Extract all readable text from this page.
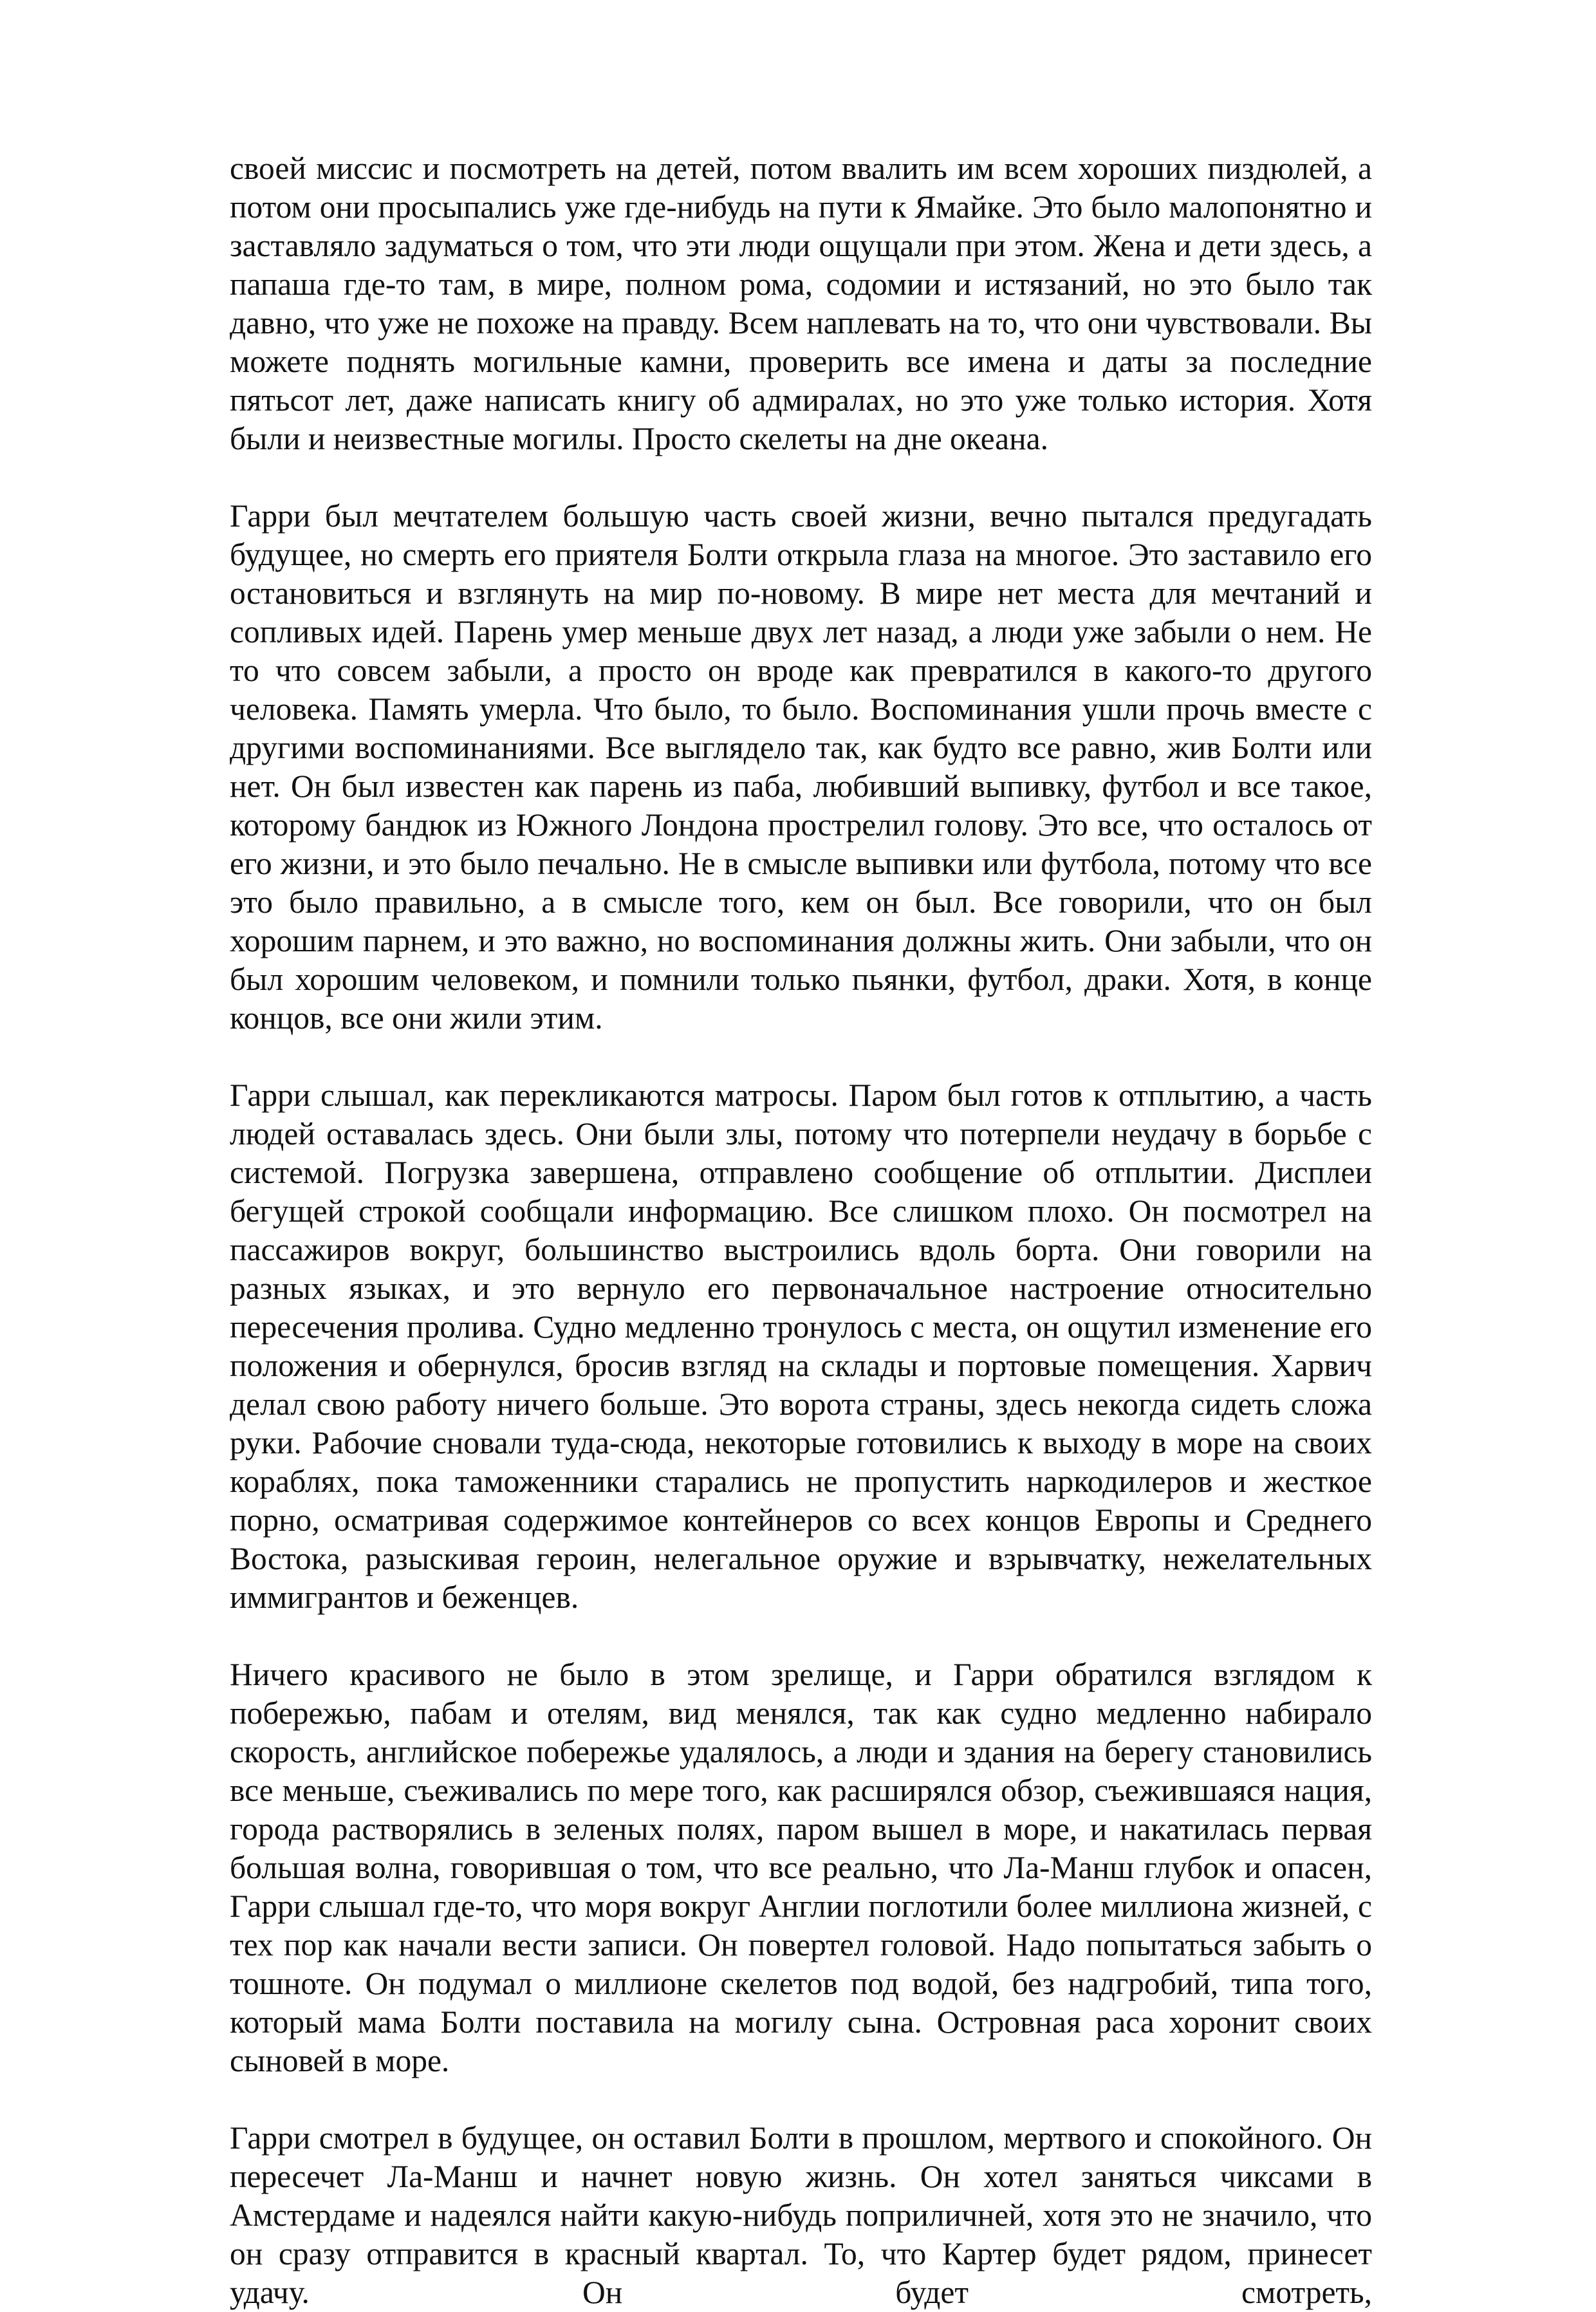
своей миссис и посмотреть на детей, потом ввалить им всем хороших пиздюлей, а потом они просыпались уже где-нибудь на пути к Ямайке. Это было малопонятно и заставляло задуматься о том, что эти люди ощущали при этом. Жена и дети здесь, а папаша где-то там, в мире, полном рома, содомии и истязаний, но это было так давно, что уже не похоже на правду. Всем наплевать на то, что они чувствовали. Вы можете поднять могильные камни, проверить все имена и даты за последние пятьсот лет, даже написать книгу об адмиралах, но это уже только история. Хотя были и неизвестные могилы. Просто скелеты на дне океана.

Гарри был мечтателем большую часть своей жизни, вечно пытался предугадать будущее, но смерть его приятеля Болти открыла глаза на многое. Это заставило его остановиться и взглянуть на мир по-новому. В мире нет места для мечтаний и сопливых идей. Парень умер меньше двух лет назад, а люди уже забыли о нем. Не то что совсем забыли, а просто он вроде как превратился в какого-то другого человека. Память умерла. Что было, то было. Воспоминания ушли прочь вместе с другими воспоминаниями. Все выглядело так, как будто все равно, жив Болти или нет. Он был известен как парень из паба, любивший выпивку, футбол и все такое, которому бандюк из Южного Лондона прострелил голову. Это все, что осталось от его жизни, и это было печально. Не в смысле выпивки или футбола, потому что все это было правильно, а в смысле того, кем он был. Все говорили, что он был хорошим парнем, и это важно, но воспоминания должны жить. Они забыли, что он был хорошим человеком, и помнили только пьянки, футбол, драки. Хотя, в конце концов, все они жили этим.

Гарри слышал, как перекликаются матросы. Паром был готов к отплытию, а часть людей оставалась здесь. Они были злы, потому что потерпели неудачу в борьбе с системой. Погрузка завершена, отправлено сообщение об отплытии. Дисплеи бегущей строкой сообщали информацию. Все слишком плохо. Он посмотрел на пассажиров вокруг, большинство выстроились вдоль борта. Они говорили на разных языках, и это вернуло его первоначальное настроение относительно пересечения пролива. Судно медленно тронулось с места, он ощутил изменение его положения и обернулся, бросив взгляд на склады и портовые помещения. Харвич делал свою работу ничего больше. Это ворота страны, здесь некогда сидеть сложа руки. Рабочие сновали туда-сюда, некоторые готовились к выходу в море на своих кораблях, пока таможенники старались не пропустить наркодилеров и жесткое порно, осматривая содержимое контейнеров со всех концов Европы и Среднего Востока, разыскивая героин, нелегальное оружие и взрывчатку, нежелательных иммигрантов и беженцев.

Ничего красивого не было в этом зрелище, и Гарри обратился взглядом к побережью, пабам и отелям, вид менялся, так как судно медленно набирало скорость, английское побережье удалялось, а люди и здания на берегу становились все меньше, съеживались по мере того, как расширялся обзор, съежившаяся нация, города растворялись в зеленых полях, паром вышел в море, и накатилась первая большая волна, говорившая о том, что все реально, что Ла-Манш глубок и опасен, Гарри слышал где-то, что моря вокруг Англии поглотили более миллиона жизней, с тех пор как начали вести записи. Он повертел головой. Надо попытаться забыть о тошноте. Он подумал о миллионе скелетов под водой, без надгробий, типа того, который мама Болти поставила на могилу сына. Островная раса хоронит своих сыновей в море.

Гарри смотрел в будущее, он оставил Болти в прошлом, мертвого и спокойного. Он пересечет Ла-Манш и начнет новую жизнь. Он хотел заняться чиксами в Амстердаме и надеялся найти какую-нибудь поприличней, хотя это не значило, что он сразу отправится в красный квартал. То, что Картер будет рядом, принесет удачу. Он будет смотреть,
